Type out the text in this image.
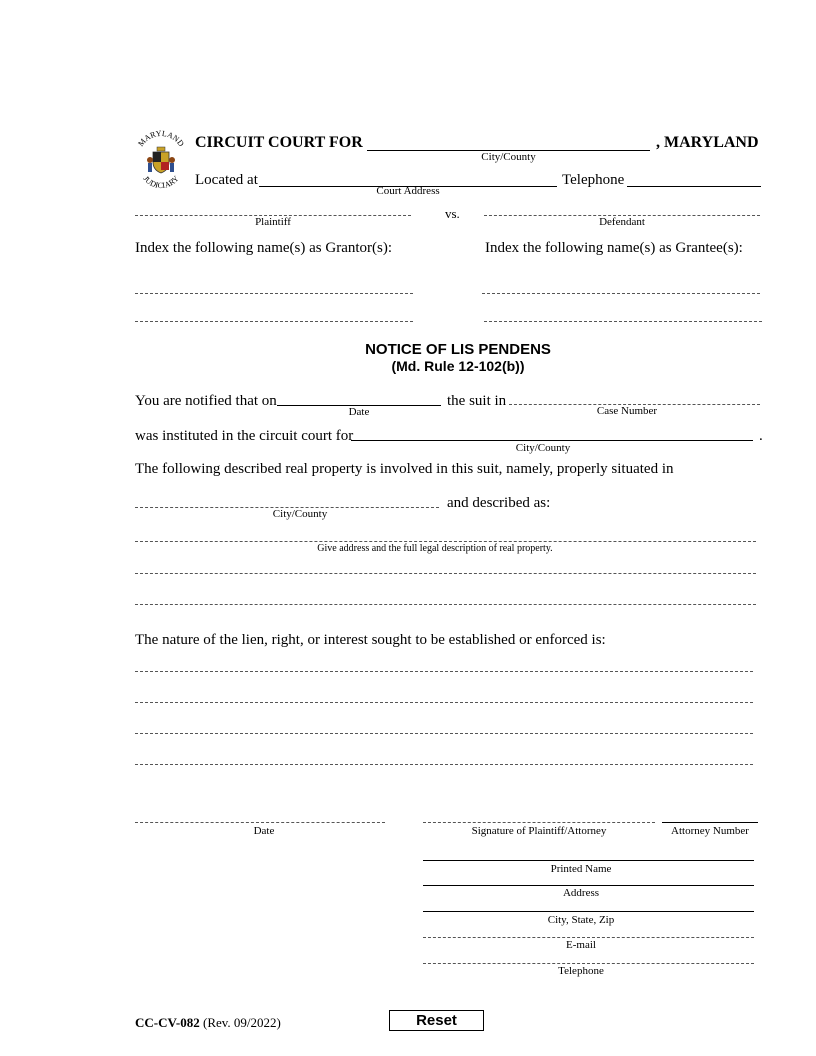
MARYLAND
JUDICIARY
CIRCUIT COURT FOR	, MARYLAND
City/County
Located at
Court Address
Telephone
Plaintiff
vs.
Defendant
Index the following name(s) as Grantor(s):	Index the following name(s) as Grantee(s):
NOTICE OF LIS PENDENS
(Md. Rule 12-102(b))
You are notified that on
Date
the suit in
Case Number
was instituted in the circuit court for	.
City/County
The following described real property is involved in this suit, namely, properly situated in
and described as:
City/County
Give address and the full legal description of real property.
The nature of the lien, right, or interest sought to be established or enforced is:
Date	Signature of Plaintiff/Attorney	Attorney Number
Printed Name
Address
City, State, Zip
E-mail
Telephone
CC-CV-082 (Rev. 09/2022)	Reset
